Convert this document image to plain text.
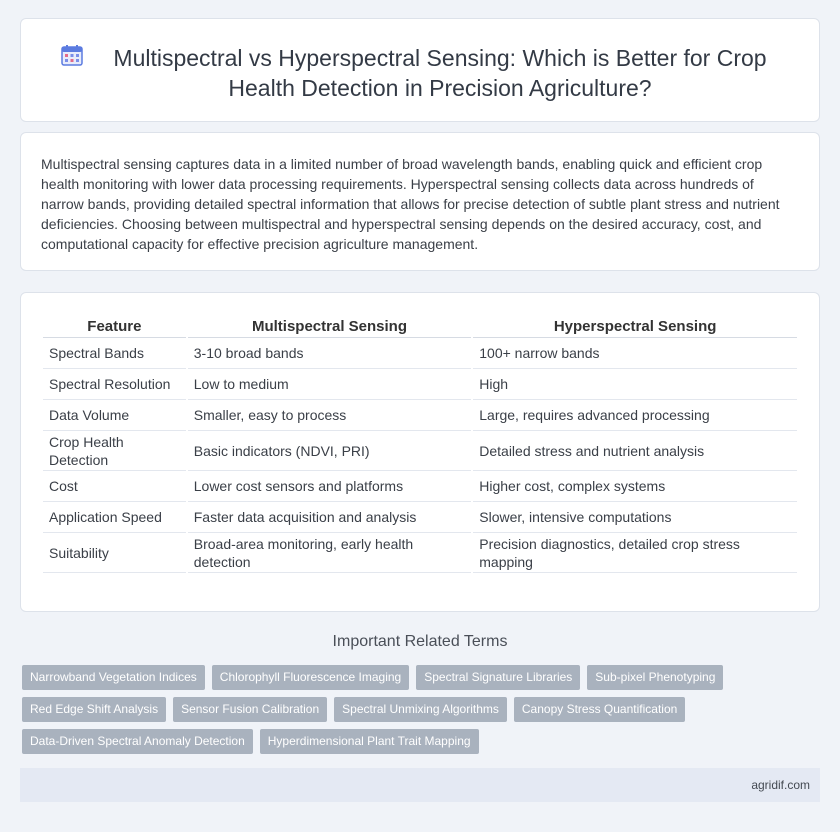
Multispectral vs Hyperspectral Sensing: Which is Better for Crop Health Detection in Precision Agriculture?

Multispectral sensing captures data in a limited number of broad wavelength bands, enabling quick and efficient crop health monitoring with lower data processing requirements. Hyperspectral sensing collects data across hundreds of narrow bands, providing detailed spectral information that allows for precise detection of subtle plant stress and nutrient deficiencies. Choosing between multispectral and hyperspectral sensing depends on the desired accuracy, cost, and computational capacity for effective precision agriculture management.

Feature	Multispectral Sensing	Hyperspectral Sensing
Spectral Bands	3-10 broad bands	100+ narrow bands
Spectral Resolution	Low to medium	High
Data Volume	Smaller, easy to process	Large, requires advanced processing
Crop Health Detection	Basic indicators (NDVI, PRI)	Detailed stress and nutrient analysis
Cost	Lower cost sensors and platforms	Higher cost, complex systems
Application Speed	Faster data acquisition and analysis	Slower, intensive computations
Suitability	Broad-area monitoring, early health detection	Precision diagnostics, detailed crop stress mapping
Important Related Terms
Narrowband Vegetation Indices	Chlorophyll Fluorescence Imaging	Spectral Signature Libraries	Sub-pixel Phenotyping
Red Edge Shift Analysis	Sensor Fusion Calibration	Spectral Unmixing Algorithms	Canopy Stress Quantification
Data-Driven Spectral Anomaly Detection	Hyperdimensional Plant Trait Mapping
agridif.com
